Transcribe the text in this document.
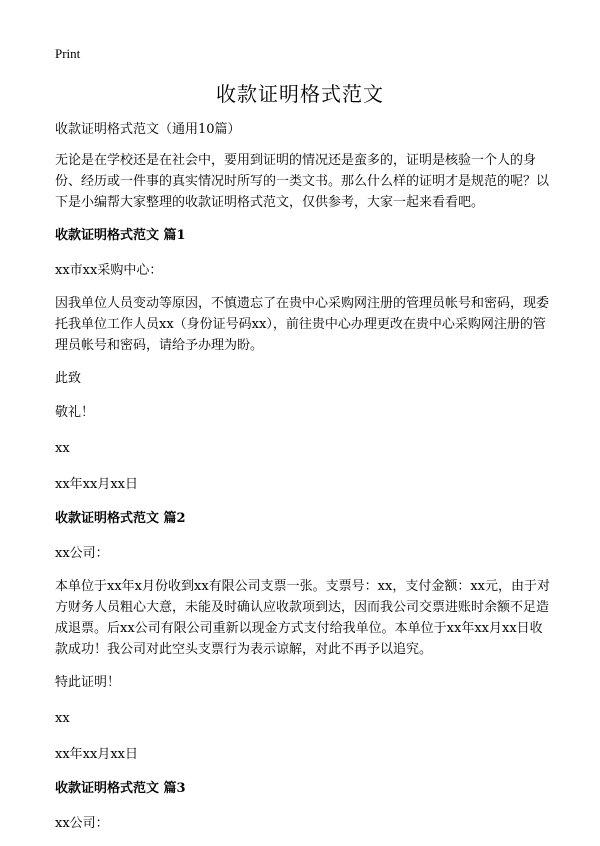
Print
收款证明格式范文

收款证明格式范文（通用10篇）

无论是在学校还是在社会中，要用到证明的情况还是蛮多的，证明是核验一个人的身份、经历或一件事的真实情况时所写的一类文书。那么什么样的证明才是规范的呢？以下是小编帮大家整理的收款证明格式范文，仅供参考，大家一起来看看吧。

收款证明格式范文 篇1

xx市xx采购中心：

因我单位人员变动等原因，不慎遗忘了在贵中心采购网注册的管理员帐号和密码，现委托我单位工作人员xx（身份证号码xx），前往贵中心办理更改在贵中心采购网注册的管理员帐号和密码，请给予办理为盼。

此致

敬礼！

xx

xx年xx月xx日

收款证明格式范文 篇2

xx公司：

本单位于xx年x月份收到xx有限公司支票一张。支票号：xx，支付金额：xx元，由于对方财务人员粗心大意，未能及时确认应收款项到达，因而我公司交票进账时余额不足造成退票。后xx公司有限公司重新以现金方式支付给我单位。本单位于xx年xx月xx日收款成功！我公司对此空头支票行为表示谅解，对此不再予以追究。

特此证明！

xx

xx年xx月xx日

收款证明格式范文 篇3

xx公司：
